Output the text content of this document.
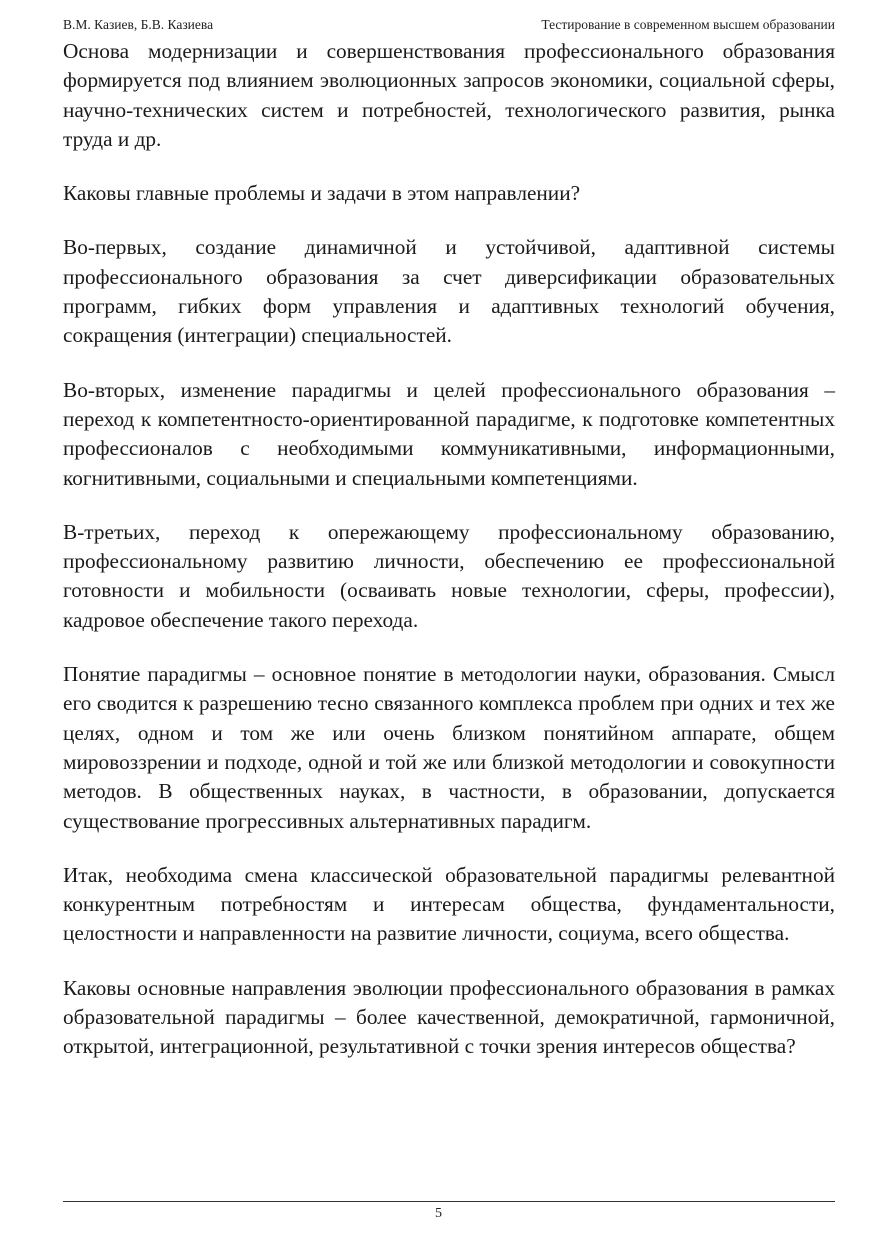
В.М. Казиев, Б.В. Казиева	Тестирование в современном высшем образовании

Основа модернизации и совершенствования профессионального образования формируется под влиянием эволюционных запросов экономики, социальной сферы, научно-технических систем и потребностей, технологического развития, рынка труда и др.

Каковы главные проблемы и задачи в этом направлении?

Во-первых, создание динамичной и устойчивой, адаптивной системы профессионального образования за счет диверсификации образовательных программ, гибких форм управления и адаптивных технологий обучения, сокращения (интеграции) специальностей.

Во-вторых, изменение парадигмы и целей профессионального образования – переход к компетентносто-ориентированной парадигме, к подготовке компетентных профессионалов с необходимыми коммуникативными, информационными, когнитивными, социальными и специальными компетенциями.

В-третьих, переход к опережающему профессиональному образованию, профессиональному развитию личности, обеспечению ее профессиональной готовности и мобильности (осваивать новые технологии, сферы, профессии), кадровое обеспечение такого перехода.

Понятие парадигмы – основное понятие в методологии науки, образования. Смысл его сводится к разрешению тесно связанного комплекса проблем при одних и тех же целях, одном и том же или очень близком понятийном аппарате, общем мировоззрении и подходе, одной и той же или близкой методологии и совокупности методов. В общественных науках, в частности, в образовании, допускается существование прогрессивных альтернативных парадигм.

Итак, необходима смена классической образовательной парадигмы релевантной конкурентным потребностям и интересам общества, фундаментальности, целостности и направленности на развитие личности, социума, всего общества.

Каковы основные направления эволюции профессионального образования в рамках образовательной парадигмы – более качественной, демократичной, гармоничной, открытой, интеграционной, результативной с точки зрения интересов общества?

5
